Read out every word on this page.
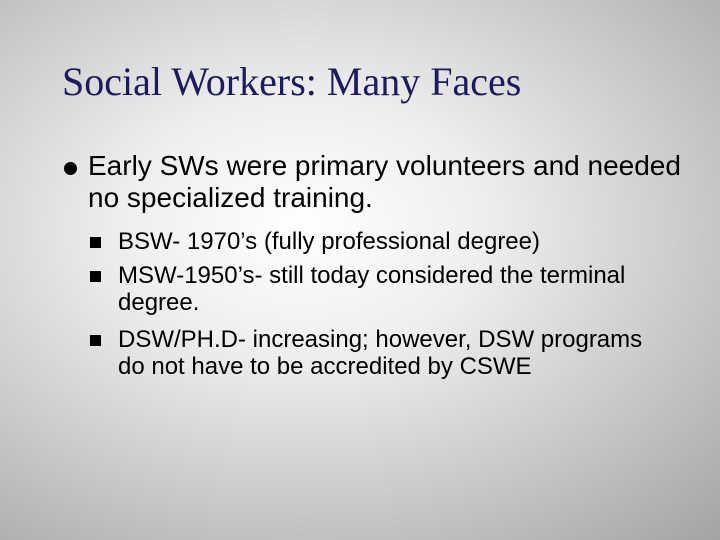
Social Workers: Many Faces
Early SWs were primary volunteers and needed no specialized training.
BSW- 1970’s (fully professional degree)
MSW-1950’s- still today considered the terminal degree.
DSW/PH.D- increasing; however, DSW programs do not have to be accredited by CSWE
